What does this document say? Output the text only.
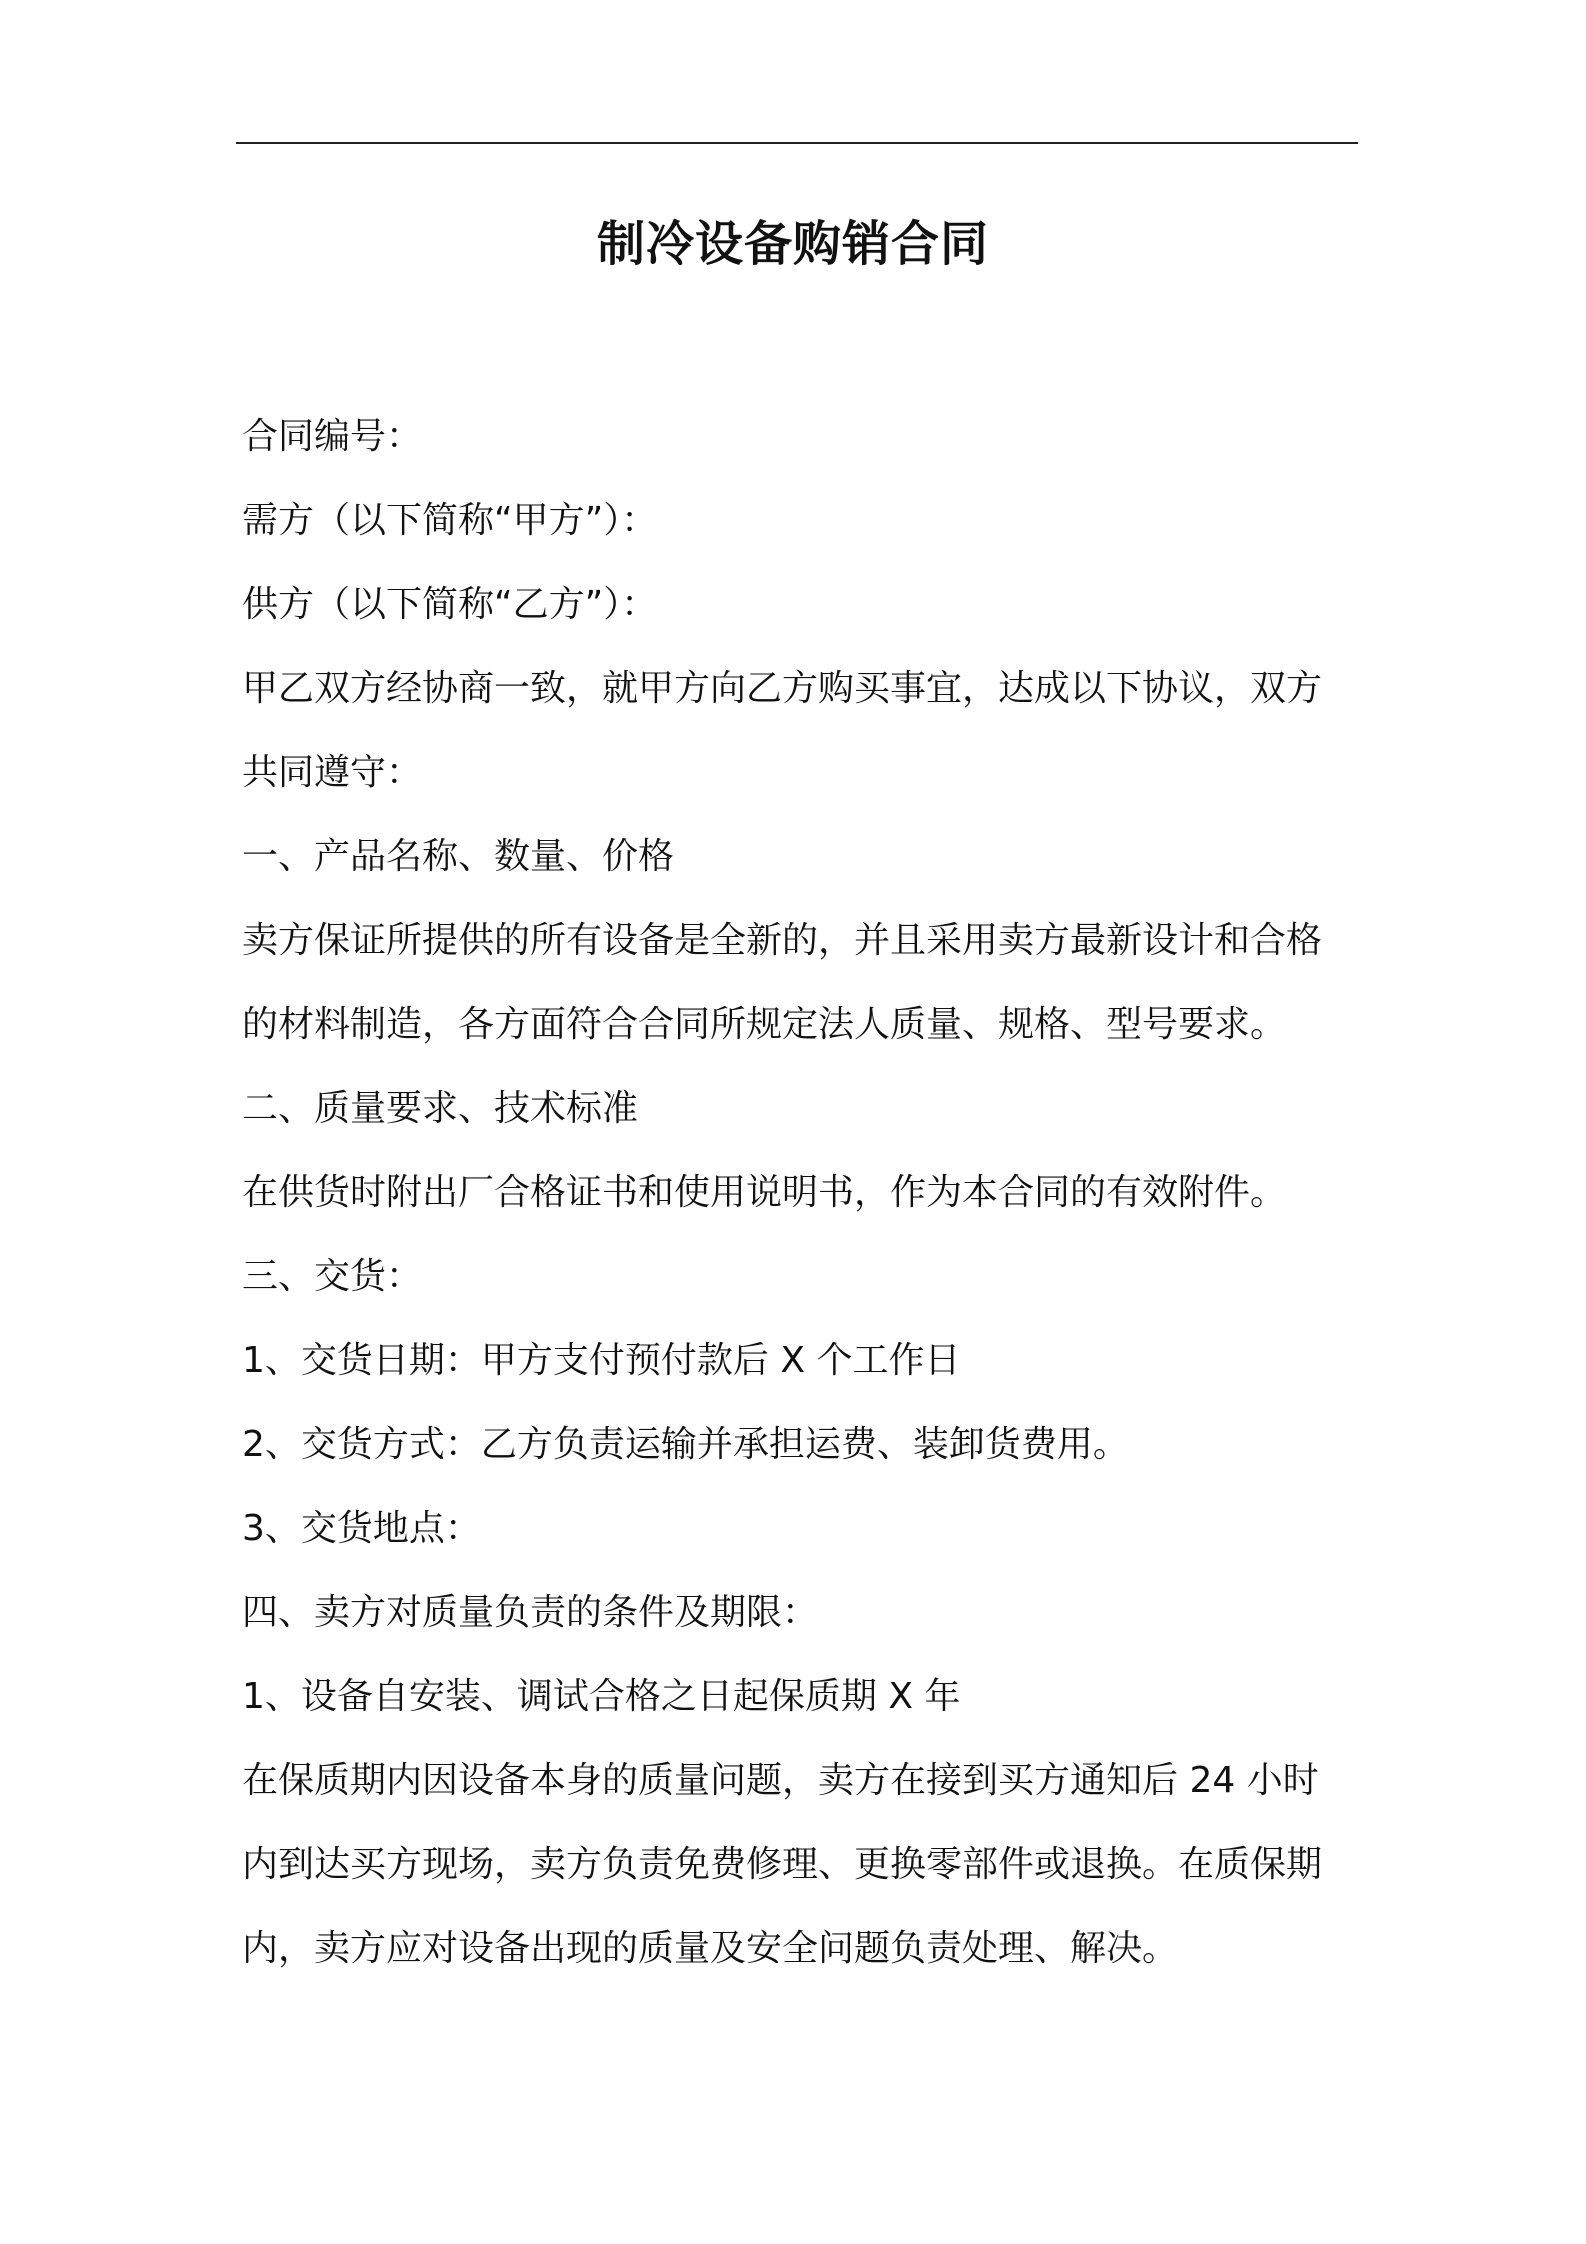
制冷设备购销合同
合同编号：
需方（以下简称“甲方”）：
供方（以下简称“乙方”）：
甲乙双方经协商一致，就甲方向乙方购买事宜，达成以下协议，双方
共同遵守：
一、产品名称、数量、价格
卖方保证所提供的所有设备是全新的，并且采用卖方最新设计和合格
的材料制造，各方面符合合同所规定法人质量、规格、型号要求。
二、质量要求、技术标准
在供货时附出厂合格证书和使用说明书，作为本合同的有效附件。
三、交货：
1、交货日期：甲方支付预付款后 X 个工作日
2、交货方式：乙方负责运输并承担运费、装卸货费用。
3、交货地点：
四、卖方对质量负责的条件及期限：
1、设备自安装、调试合格之日起保质期 X 年
在保质期内因设备本身的质量问题，卖方在接到买方通知后 24 小时
内到达买方现场，卖方负责免费修理、更换零部件或退换。在质保期
内，卖方应对设备出现的质量及安全问题负责处理、解决。
